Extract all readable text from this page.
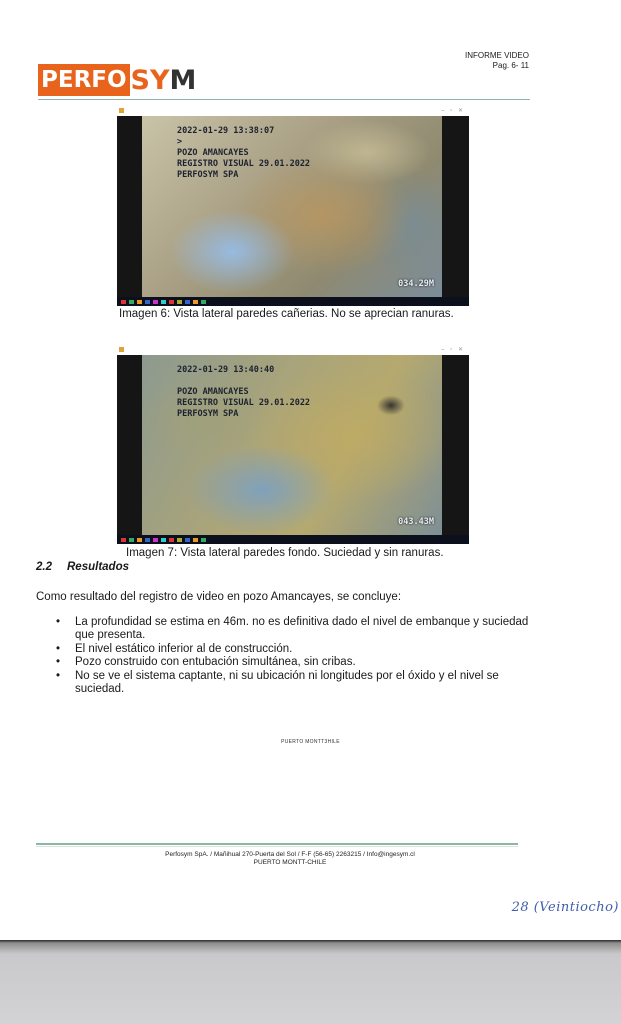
PERFO SYM
INFORME VIDEO
Pag. 6- 11
– ▫ ✕
2022-01-29 13:38:07
>
POZO AMANCAYES
REGISTRO VISUAL 29.01.2022
PERFOSYM SPA
034.29M
Imagen 6: Vista lateral paredes cañerias. No se aprecian ranuras.
– ▫ ✕
2022-01-29 13:40:40

POZO AMANCAYES
REGISTRO VISUAL 29.01.2022
PERFOSYM SPA
043.43M
Imagen 7: Vista lateral paredes fondo. Suciedad y sin ranuras.
2.2 Resultados
Como resultado del registro de video en pozo Amancayes, se concluye:
• La profundidad se estima en 46m. no es definitiva dado el nivel de embanque y suciedad que presenta.
• El nivel estático inferior al de construcción.
• Pozo construido con entubación simultánea, sin cribas.
• No se ve el sistema captante, ni su ubicación ni longitudes por el óxido y el nivel se suciedad.
PUERTO MONTT3HILE
Perfosym SpA. / Mañihual 270-Puerta del Sol / F-F (56-65) 2263215 / Info@ingesym.cl
PUERTO MONTT-CHILE
28 (Veintiocho)
